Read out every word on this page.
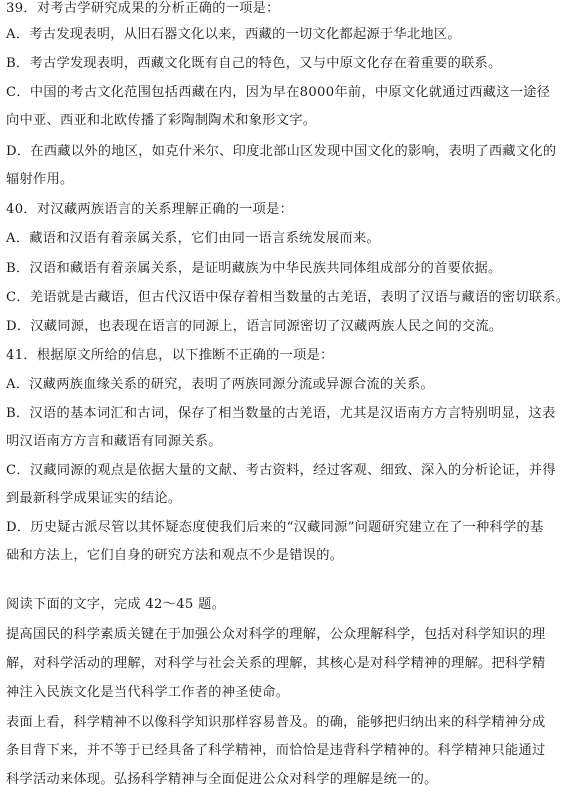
39．对考古学研究成果的分析正确的一项是：
A．考古发现表明，从旧石器文化以来，西藏的一切文化都起源于华北地区。
B．考古学发现表明，西藏文化既有自己的特色，又与中原文化存在着重要的联系。
C．中国的考古文化范围包括西藏在内，因为早在8000年前，中原文化就通过西藏这一途径
向中亚、西亚和北欧传播了彩陶制陶术和象形文字。
D．在西藏以外的地区，如克什米尔、印度北部山区发现中国文化的影响，表明了西藏文化的
辐射作用。
40．对汉藏两族语言的关系理解正确的一项是：
A．藏语和汉语有着亲属关系，它们由同一语言系统发展而来。
B．汉语和藏语有着亲属关系，是证明藏族为中华民族共同体组成部分的首要依据。
C．羌语就是古藏语，但古代汉语中保存着相当数量的古羌语，表明了汉语与藏语的密切联系。
D．汉藏同源，也表现在语言的同源上，语言同源密切了汉藏两族人民之间的交流。
41．根据原文所给的信息，以下推断不正确的一项是：
A．汉藏两族血缘关系的研究，表明了两族同源分流或异源合流的关系。
B．汉语的基本词汇和古词，保存了相当数量的古羌语，尤其是汉语南方方言特别明显，这表
明汉语南方方言和藏语有同源关系。
C．汉藏同源的观点是依据大量的文献、考古资料，经过客观、细致、深入的分析论证，并得
到最新科学成果证实的结论。
D．历史疑古派尽管以其怀疑态度使我们后来的“汉藏同源”问题研究建立在了一种科学的基
础和方法上，它们自身的研究方法和观点不少是错误的。
阅读下面的文字，完成 42～45 题。
提高国民的科学素质关键在于加强公众对科学的理解，公众理解科学，包括对科学知识的理
解，对科学活动的理解，对科学与社会关系的理解，其核心是对科学精神的理解。把科学精
神注入民族文化是当代科学工作者的神圣使命。
表面上看，科学精神不以像科学知识那样容易普及。的确，能够把归纳出来的科学精神分成
条目背下来，并不等于已经具备了科学精神，而恰恰是违背科学精神的。科学精神只能通过
科学活动来体现。弘扬科学精神与全面促进公众对科学的理解是统一的。
